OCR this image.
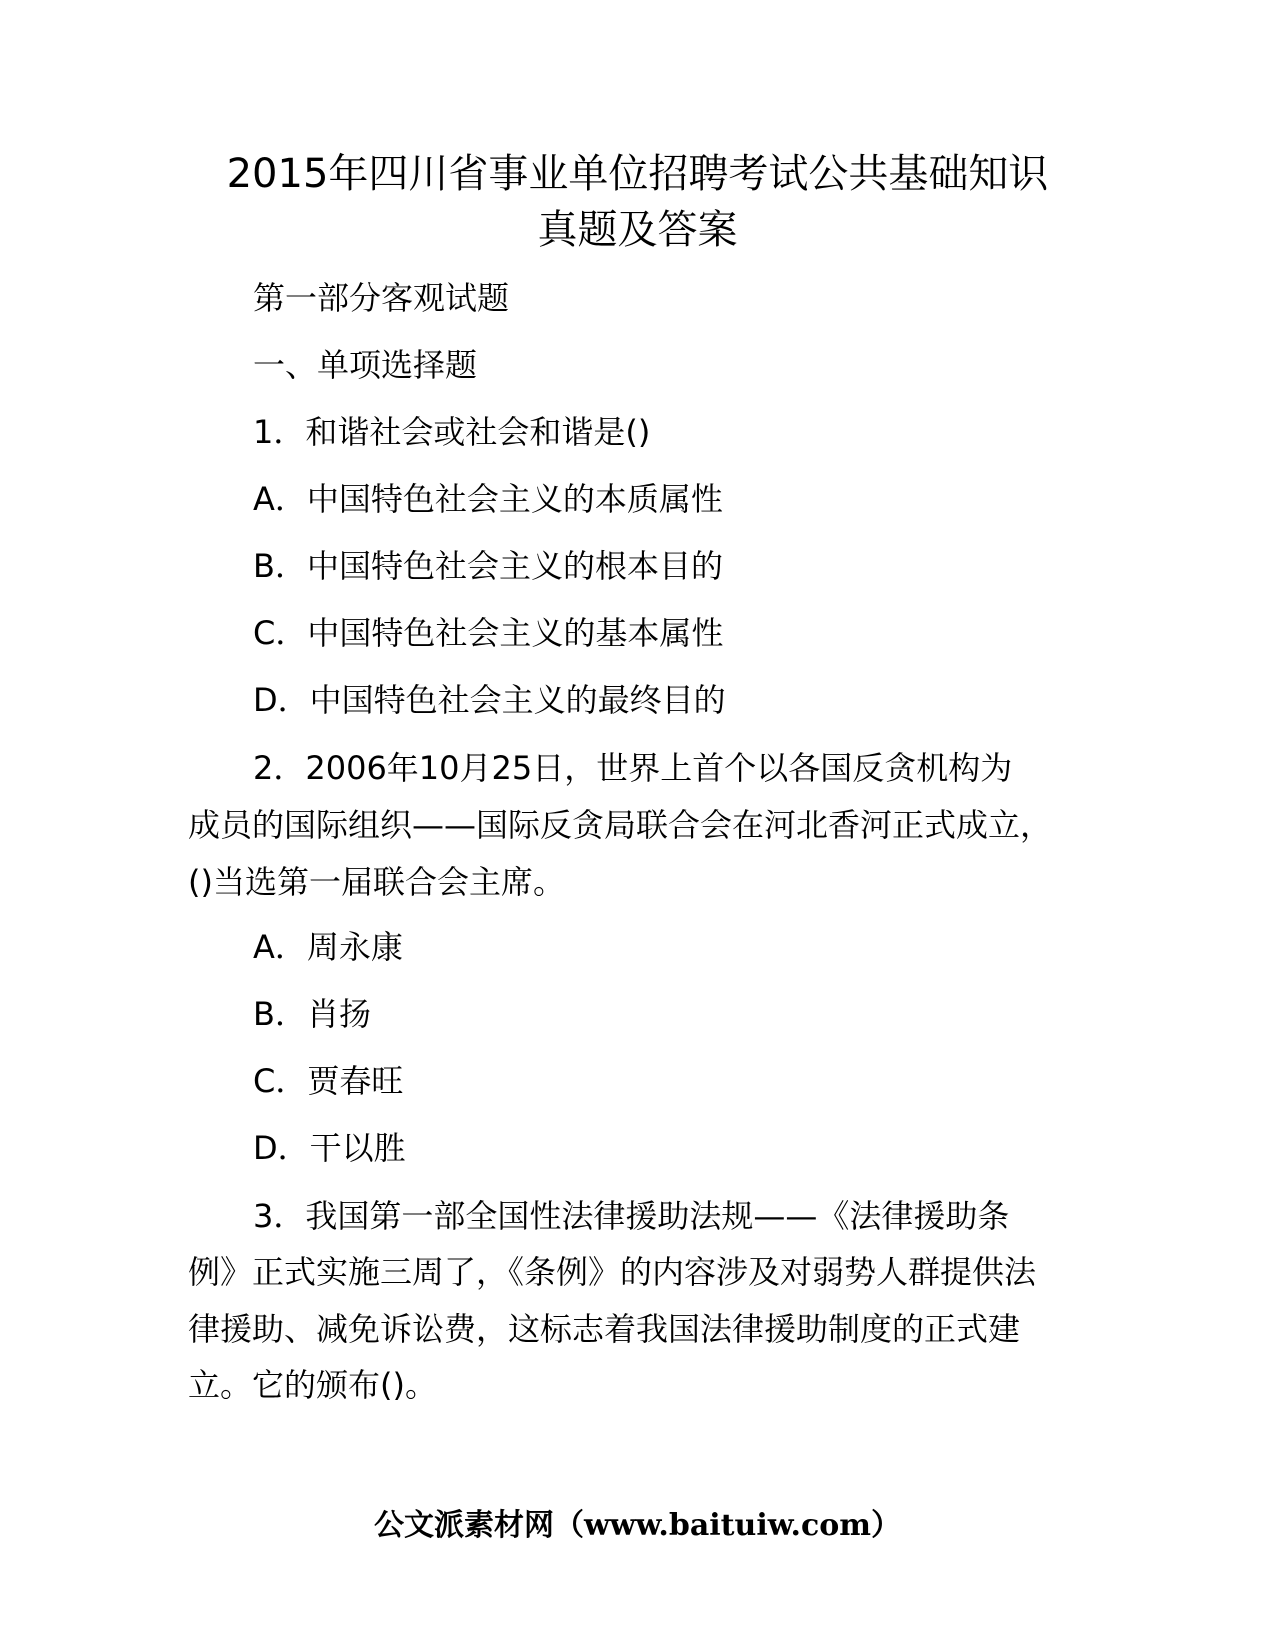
2015年四川省事业单位招聘考试公共基础知识
真题及答案
第一部分客观试题
一、单项选择题
1．和谐社会或社会和谐是()
A．中国特色社会主义的本质属性
B．中国特色社会主义的根本目的
C．中国特色社会主义的基本属性
D．中国特色社会主义的最终目的
2．2006年10月25日，世界上首个以各国反贪机构为
成员的国际组织——国际反贪局联合会在河北香河正式成立，
()当选第一届联合会主席。
A．周永康
B．肖扬
C．贾春旺
D．干以胜
3．我国第一部全国性法律援助法规——《法律援助条
例》正式实施三周了，《条例》的内容涉及对弱势人群提供法
律援助、减免诉讼费，这标志着我国法律援助制度的正式建
立。它的颁布()。
公文派素材网（www.baituiw.com）
